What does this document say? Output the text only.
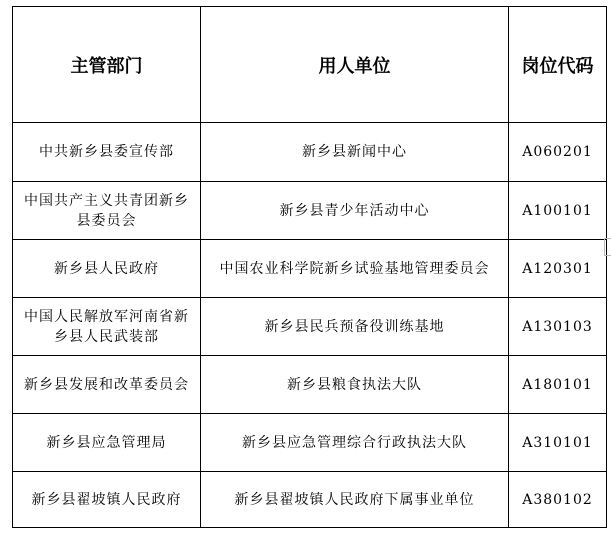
主管部门	用人单位	岗位代码
中共新乡县委宣传部	新乡县新闻中心	A060201
中国共产主义共青团新乡县委员会	新乡县青少年活动中心	A100101
新乡县人民政府	中国农业科学院新乡试验基地管理委员会	A120301
中国人民解放军河南省新乡县人民武装部	新乡县民兵预备役训练基地	A130103
新乡县发展和改革委员会	新乡县粮食执法大队	A180101
新乡县应急管理局	新乡县应急管理综合行政执法大队	A310101
新乡县翟坡镇人民政府	新乡县翟坡镇人民政府下属事业单位	A380102
